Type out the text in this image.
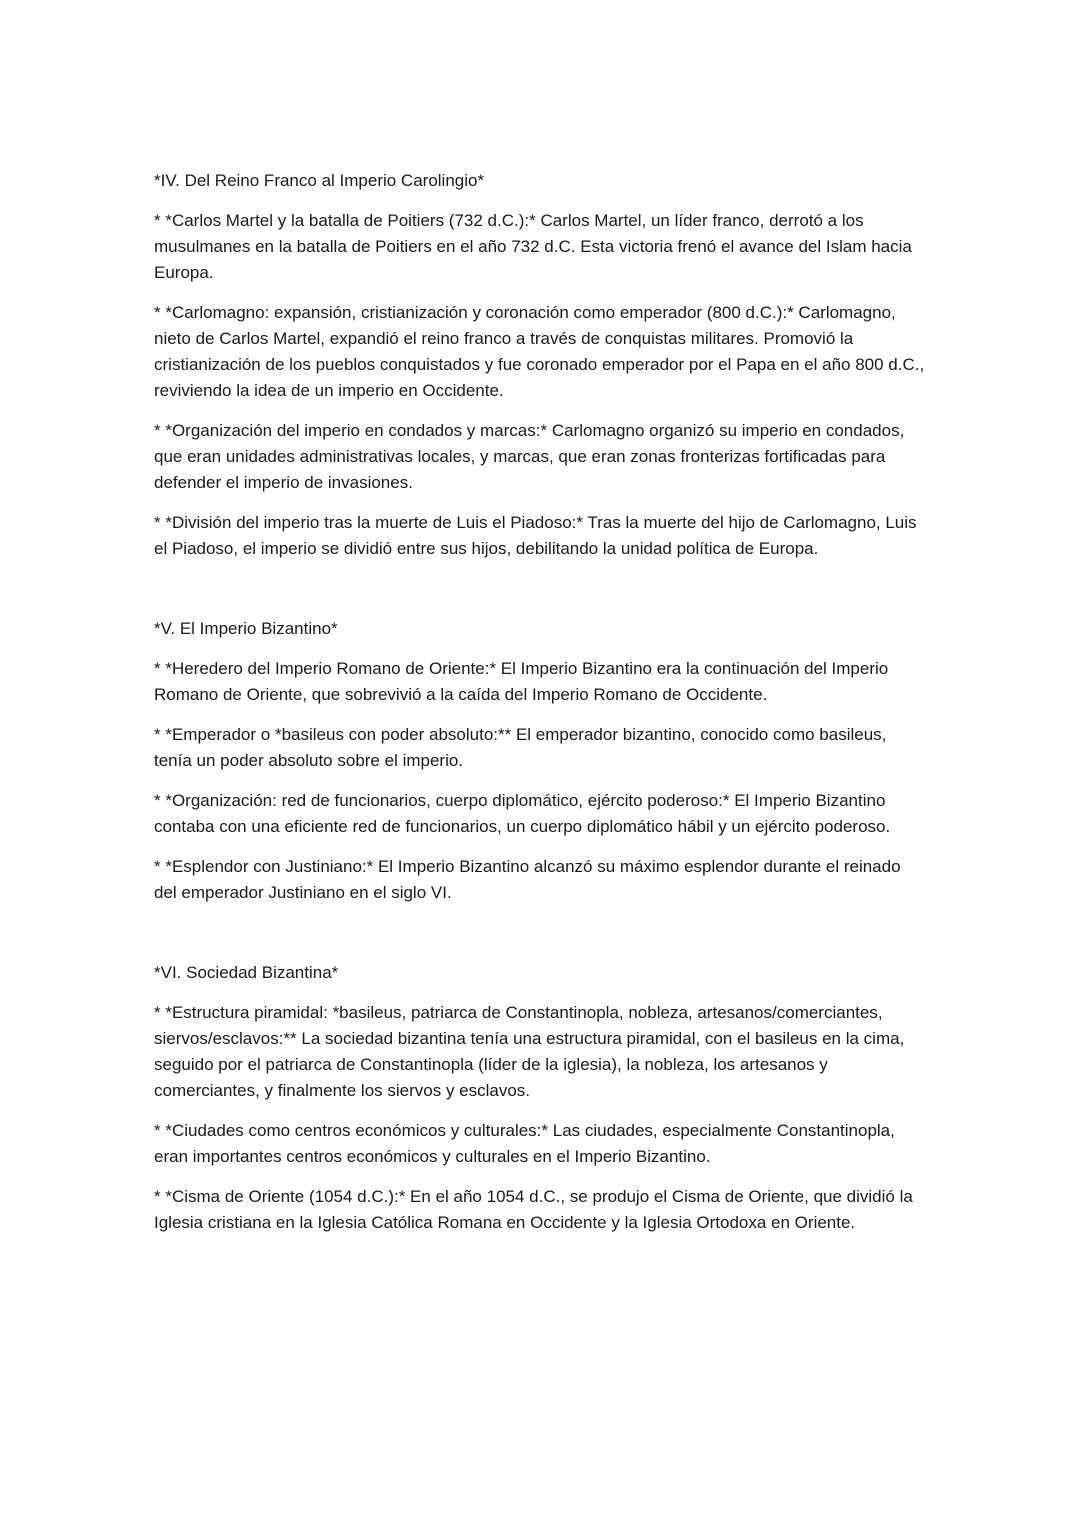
*IV. Del Reino Franco al Imperio Carolingio*
* *Carlos Martel y la batalla de Poitiers (732 d.C.):* Carlos Martel, un líder franco, derrotó a los musulmanes en la batalla de Poitiers en el año 732 d.C. Esta victoria frenó el avance del Islam hacia Europa.
* *Carlomagno: expansión, cristianización y coronación como emperador (800 d.C.):* Carlomagno, nieto de Carlos Martel, expandió el reino franco a través de conquistas militares. Promovió la cristianización de los pueblos conquistados y fue coronado emperador por el Papa en el año 800 d.C., reviviendo la idea de un imperio en Occidente.
* *Organización del imperio en condados y marcas:* Carlomagno organizó su imperio en condados, que eran unidades administrativas locales, y marcas, que eran zonas fronterizas fortificadas para defender el imperio de invasiones.
* *División del imperio tras la muerte de Luis el Piadoso:* Tras la muerte del hijo de Carlomagno, Luis el Piadoso, el imperio se dividió entre sus hijos, debilitando la unidad política de Europa.
*V. El Imperio Bizantino*
* *Heredero del Imperio Romano de Oriente:* El Imperio Bizantino era la continuación del Imperio Romano de Oriente, que sobrevivió a la caída del Imperio Romano de Occidente.
* *Emperador o *basileus con poder absoluto:** El emperador bizantino, conocido como basileus, tenía un poder absoluto sobre el imperio.
* *Organización: red de funcionarios, cuerpo diplomático, ejército poderoso:* El Imperio Bizantino contaba con una eficiente red de funcionarios, un cuerpo diplomático hábil y un ejército poderoso.
* *Esplendor con Justiniano:* El Imperio Bizantino alcanzó su máximo esplendor durante el reinado del emperador Justiniano en el siglo VI.
*VI. Sociedad Bizantina*
* *Estructura piramidal: *basileus, patriarca de Constantinopla, nobleza, artesanos/comerciantes, siervos/esclavos:** La sociedad bizantina tenía una estructura piramidal, con el basileus en la cima, seguido por el patriarca de Constantinopla (líder de la iglesia), la nobleza, los artesanos y comerciantes, y finalmente los siervos y esclavos.
* *Ciudades como centros económicos y culturales:* Las ciudades, especialmente Constantinopla, eran importantes centros económicos y culturales en el Imperio Bizantino.
* *Cisma de Oriente (1054 d.C.):* En el año 1054 d.C., se produjo el Cisma de Oriente, que dividió la Iglesia cristiana en la Iglesia Católica Romana en Occidente y la Iglesia Ortodoxa en Oriente.
